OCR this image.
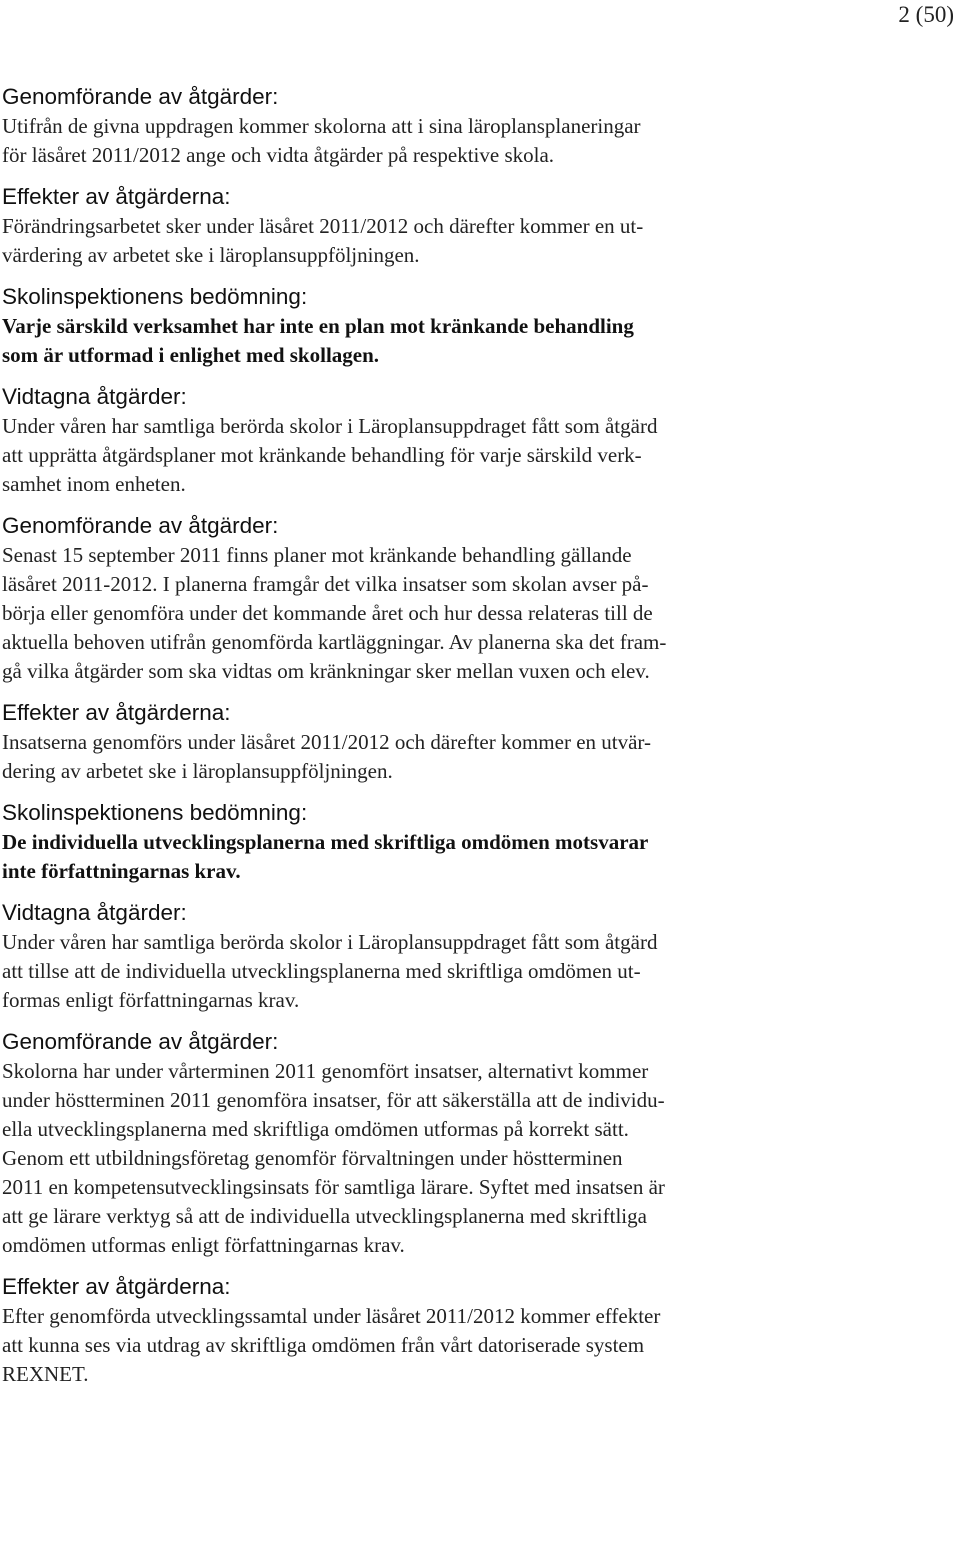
2 (50)
Genomförande av åtgärder:
Utifrån de givna uppdragen kommer skolorna att i sina läroplansplaneringar
för läsåret 2011/2012 ange och vidta åtgärder på respektive skola.
Effekter av åtgärderna:
Förändringsarbetet sker under läsåret 2011/2012 och därefter kommer en ut-
värdering av arbetet ske i läroplansuppföljningen.
Skolinspektionens bedömning:
Varje särskild verksamhet har inte en plan mot kränkande behandling
som är utformad i enlighet med skollagen.
Vidtagna åtgärder:
Under våren har samtliga berörda skolor i Läroplansuppdraget fått som åtgärd
att upprätta åtgärdsplaner mot kränkande behandling för varje särskild verk-
samhet inom enheten.
Genomförande av åtgärder:
Senast 15 september 2011 finns planer mot kränkande behandling gällande
läsåret 2011-2012. I planerna framgår det vilka insatser som skolan avser på-
börja eller genomföra under det kommande året och hur dessa relateras till de
aktuella behoven utifrån genomförda kartläggningar. Av planerna ska det fram-
gå vilka åtgärder som ska vidtas om kränkningar sker mellan vuxen och elev.
Effekter av åtgärderna:
Insatserna genomförs under läsåret 2011/2012 och därefter kommer en utvär-
dering av arbetet ske i läroplansuppföljningen.
Skolinspektionens bedömning:
De individuella utvecklingsplanerna med skriftliga omdömen motsvarar
inte författningarnas krav.
Vidtagna åtgärder:
Under våren har samtliga berörda skolor i Läroplansuppdraget fått som åtgärd
att tillse att de individuella utvecklingsplanerna med skriftliga omdömen ut-
formas enligt författningarnas krav.
Genomförande av åtgärder:
Skolorna har under vårterminen 2011 genomfört insatser, alternativt kommer
under höstterminen 2011 genomföra insatser, för att säkerställa att de individu-
ella utvecklingsplanerna med skriftliga omdömen utformas på korrekt sätt.
Genom ett utbildningsföretag genomför förvaltningen under höstterminen
2011 en kompetensutvecklingsinsats för samtliga lärare. Syftet med insatsen är
att ge lärare verktyg så att de individuella utvecklingsplanerna med skriftliga
omdömen utformas enligt författningarnas krav.
Effekter av åtgärderna:
Efter genomförda utvecklingssamtal under läsåret 2011/2012 kommer effekter
att kunna ses via utdrag av skriftliga omdömen från vårt datoriserade system
REXNET.
